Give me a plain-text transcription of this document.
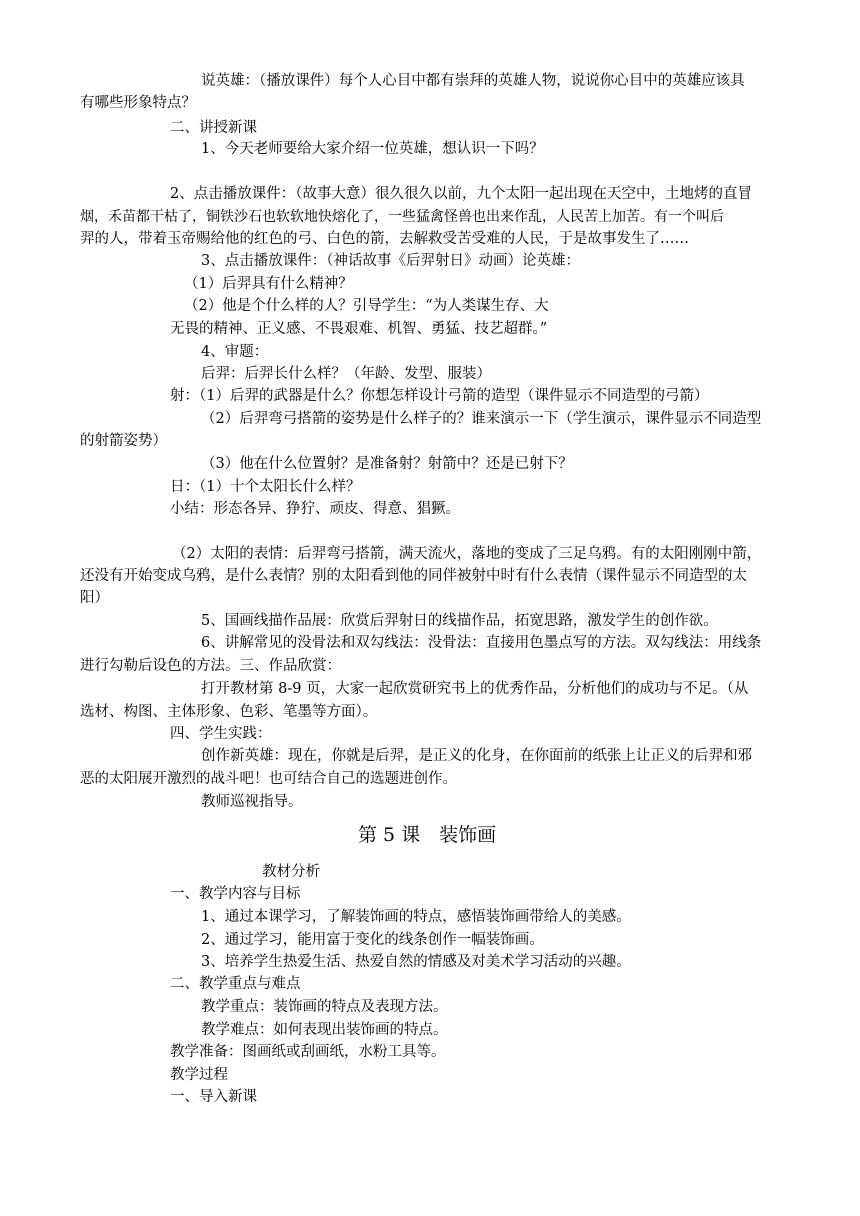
说英雄：（播放课件）每个人心目中都有崇拜的英雄人物，说说你心目中的英雄应该具
有哪些形象特点？
二、讲授新课
1、今天老师要给大家介绍一位英雄，想认识一下吗？
2、点击播放课件：（故事大意）很久很久以前，九个太阳一起出现在天空中，土地烤的直冒
烟，禾苗都干枯了，铜铁沙石也软软地快熔化了，一些猛禽怪兽也出来作乱，人民苦上加苦。有一个叫后
羿的人，带着玉帝赐给他的红色的弓、白色的箭，去解救受苦受难的人民，于是故事发生了……
3、点击播放课件：（神话故事《后羿射日》动画）论英雄：
（1）后羿具有什么精神？
（2）他是个什么样的人？引导学生：“为人类谋生存、大
无畏的精神、正义感、不畏艰难、机智、勇猛、技艺超群。”
4、审题：
后羿：后羿长什么样？（年龄、发型、服装）
射：（1）后羿的武器是什么？你想怎样设计弓箭的造型（课件显示不同造型的弓箭）
（2）后羿弯弓搭箭的姿势是什么样子的？谁来演示一下（学生演示，课件显示不同造型
的射箭姿势）
（3）他在什么位置射？是准备射？射箭中？还是已射下？
日：（1）十个太阳长什么样？
小结：形态各异、狰狞、顽皮、得意、猖獗。
（2）太阳的表情：后羿弯弓搭箭，满天流火，落地的变成了三足乌鸦。有的太阳刚刚中箭，
还没有开始变成乌鸦，是什么表情？别的太阳看到他的同伴被射中时有什么表情（课件显示不同造型的太
阳）
5、国画线描作品展：欣赏后羿射日的线描作品，拓宽思路，激发学生的创作欲。
6、讲解常见的没骨法和双勾线法：没骨法：直接用色墨点写的方法。双勾线法：用线条
进行勾勒后设色的方法。三、作品欣赏：
打开教材第 8-9 页，大家一起欣赏研究书上的优秀作品，分析他们的成功与不足。（从
选材、构图、主体形象、色彩、笔墨等方面）。
四、学生实践：
创作新英雄：现在，你就是后羿，是正义的化身，在你面前的纸张上让正义的后羿和邪
恶的太阳展开激烈的战斗吧！也可结合自己的选题进创作。
教师巡视指导。
第 5 课　装饰画
教材分析
一、教学内容与目标
1、通过本课学习，了解装饰画的特点，感悟装饰画带给人的美感。
2、通过学习，能用富于变化的线条创作一幅装饰画。
3、培养学生热爱生活、热爱自然的情感及对美术学习活动的兴趣。
二、教学重点与难点
教学重点：装饰画的特点及表现方法。
教学难点：如何表现出装饰画的特点。
教学准备：图画纸或刮画纸，水粉工具等。
教学过程
一、导入新课
